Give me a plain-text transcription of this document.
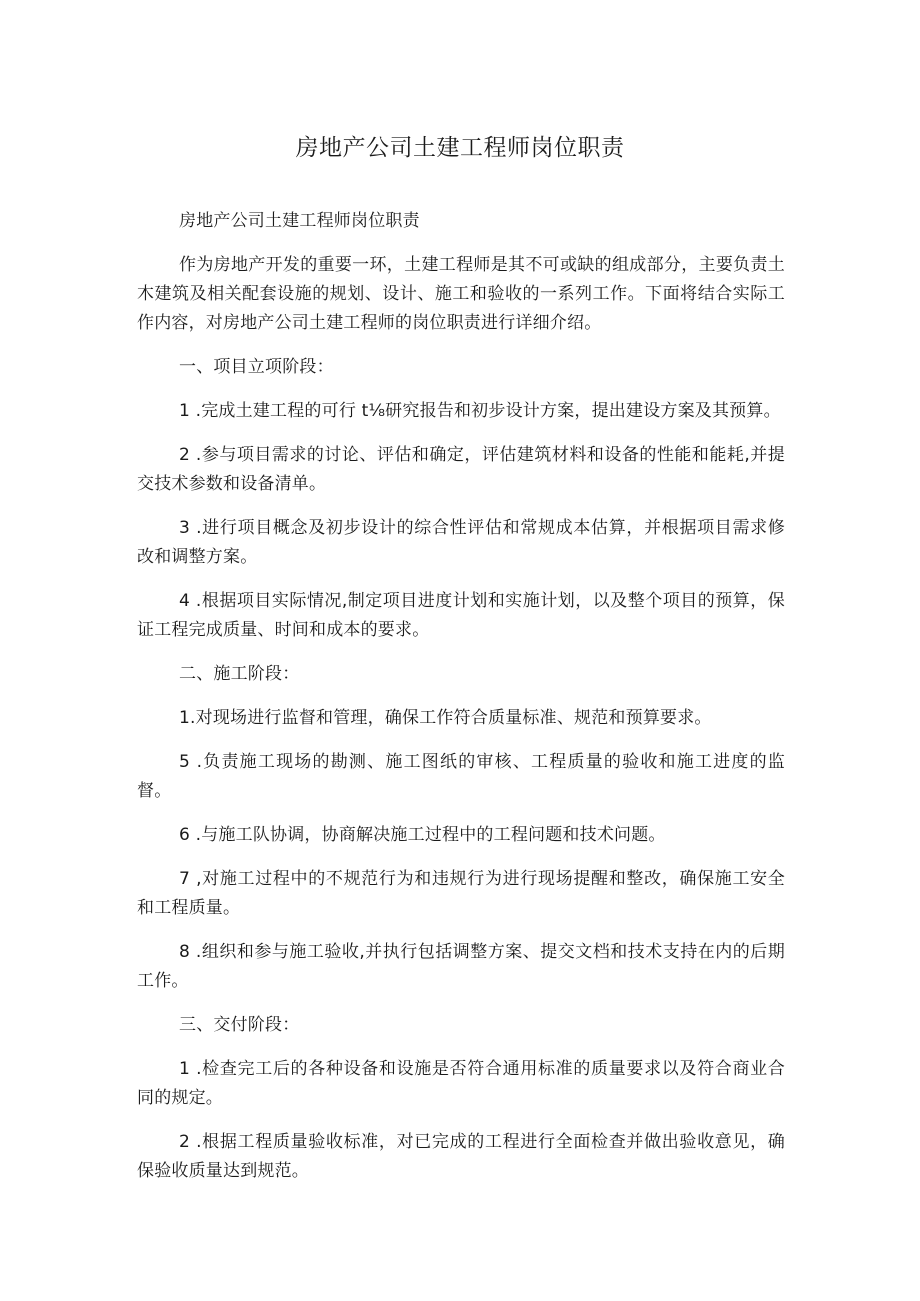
房地产公司土建工程师岗位职责

房地产公司土建工程师岗位职责

作为房地产开发的重要一环，土建工程师是其不可或缺的组成部分，主要负责土木建筑及相关配套设施的规划、设计、施工和验收的一系列工作。下面将结合实际工作内容，对房地产公司土建工程师的岗位职责进行详细介绍。

一、项目立项阶段：

1 .完成土建工程的可行 t⅛研究报告和初步设计方案，提出建设方案及其预算。

2 .参与项目需求的讨论、评估和确定，评估建筑材料和设备的性能和能耗,并提交技术参数和设备清单。

3 .进行项目概念及初步设计的综合性评估和常规成本估算，并根据项目需求修改和调整方案。

4 .根据项目实际情况,制定项目进度计划和实施计划，以及整个项目的预算，保证工程完成质量、时间和成本的要求。

二、施工阶段：

1.对现场进行监督和管理，确保工作符合质量标准、规范和预算要求。

5 .负责施工现场的勘测、施工图纸的审核、工程质量的验收和施工进度的监督。

6 .与施工队协调，协商解决施工过程中的工程问题和技术问题。

7 ,对施工过程中的不规范行为和违规行为进行现场提醒和整改，确保施工安全和工程质量。

8 .组织和参与施工验收,并执行包括调整方案、提交文档和技术支持在内的后期工作。

三、交付阶段：

1 .检查完工后的各种设备和设施是否符合通用标准的质量要求以及符合商业合同的规定。

2 .根据工程质量验收标准，对已完成的工程进行全面检查并做出验收意见，确保验收质量达到规范。
